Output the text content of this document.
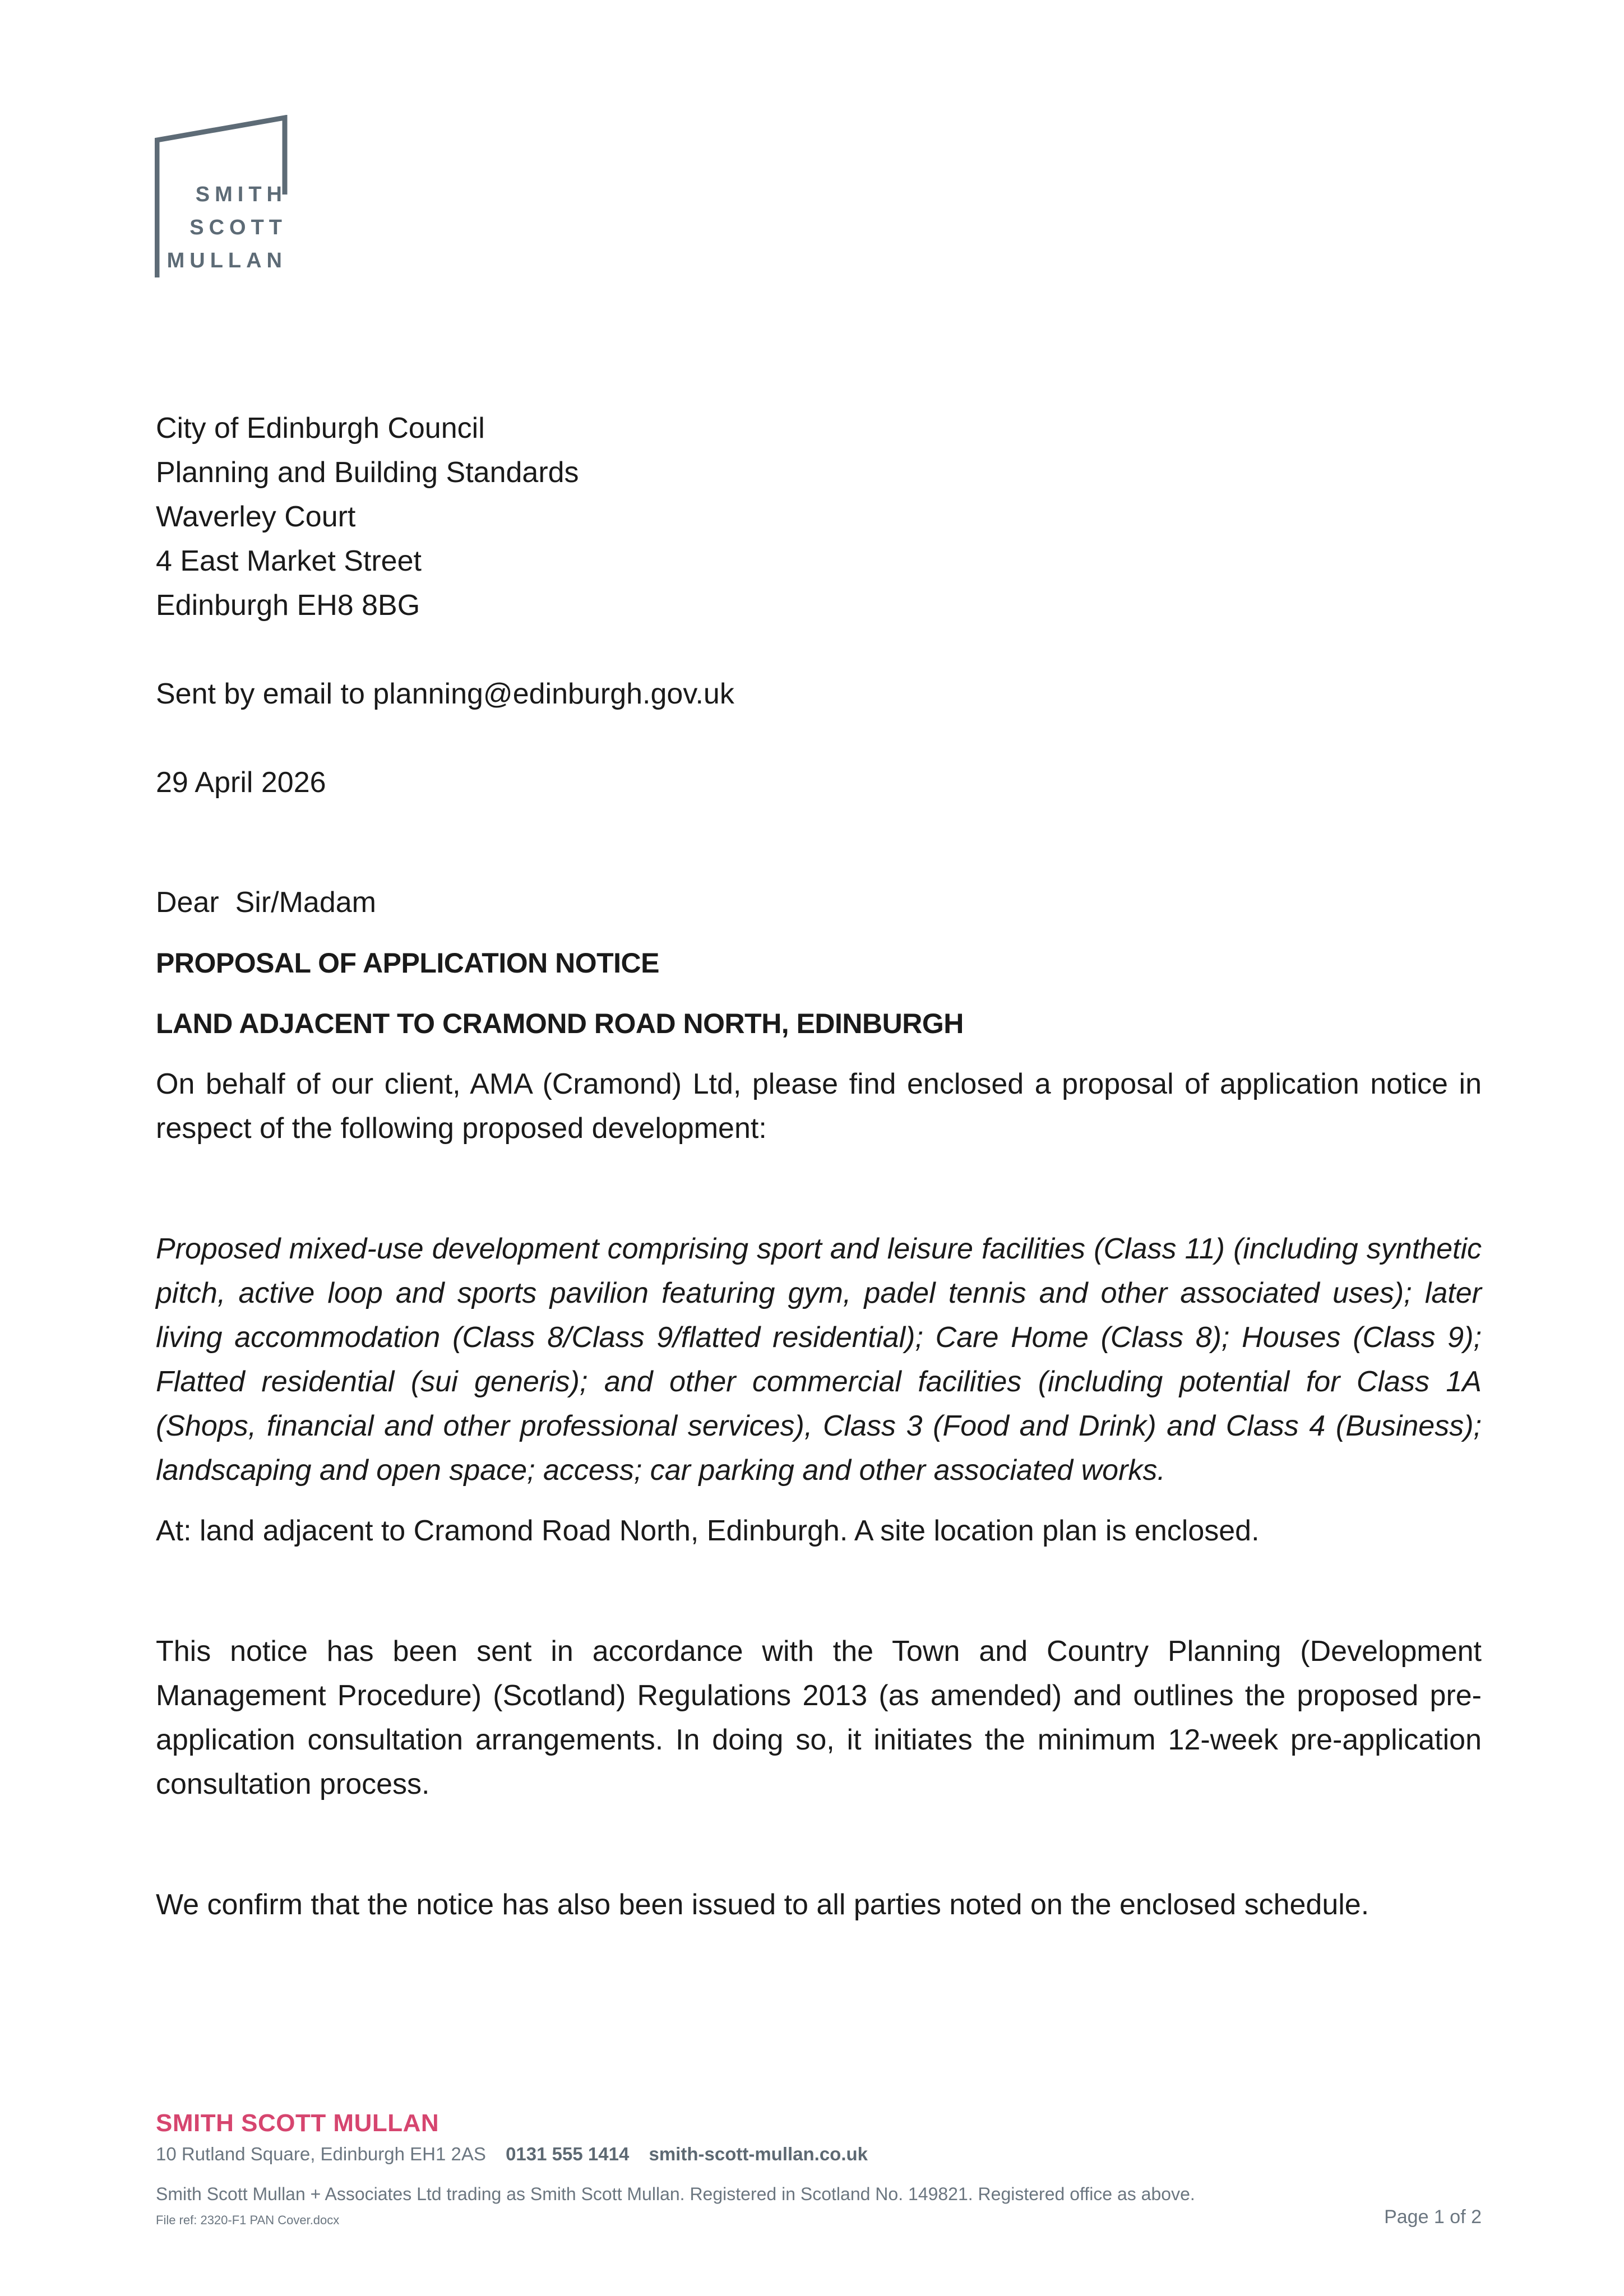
SMITH
SCOTT
MULLAN
City of Edinburgh Council
Planning and Building Standards
Waverley Court
4 East Market Street
Edinburgh EH8 8BG
Sent by email to planning@edinburgh.gov.uk
29 April 2026
Dear  Sir/Madam
PROPOSAL OF APPLICATION NOTICE
LAND ADJACENT TO CRAMOND ROAD NORTH, EDINBURGH
On behalf of our client, AMA (Cramond) Ltd, please find enclosed a proposal of application notice in respect of the following proposed development:
Proposed mixed-use development comprising sport and leisure facilities (Class 11) (including synthetic pitch, active loop and sports pavilion featuring gym, padel tennis and other associated uses); later living accommodation (Class 8/Class 9/flatted residential); Care Home (Class 8); Houses (Class 9); Flatted residential (sui generis); and other commercial facilities (including potential for Class 1A (Shops, financial and other professional services), Class 3 (Food and Drink) and Class 4 (Business); landscaping and open space; access; car parking and other associated works.
At: land adjacent to Cramond Road North, Edinburgh. A site location plan is enclosed.
This notice has been sent in accordance with the Town and Country Planning (Development Management Procedure) (Scotland) Regulations 2013 (as amended) and outlines the proposed pre-application consultation arrangements. In doing so, it initiates the minimum 12-week pre-application consultation process.
We confirm that the notice has also been issued to all parties noted on the enclosed schedule.
SMITH SCOTT MULLAN
10 Rutland Square, Edinburgh EH1 2AS 0131 555 1414 smith-scott-mullan.co.uk
Smith Scott Mullan + Associates Ltd trading as Smith Scott Mullan. Registered in Scotland No. 149821. Registered office as above.
File ref: 2320-F1 PAN Cover.docx	Page 1 of 2
